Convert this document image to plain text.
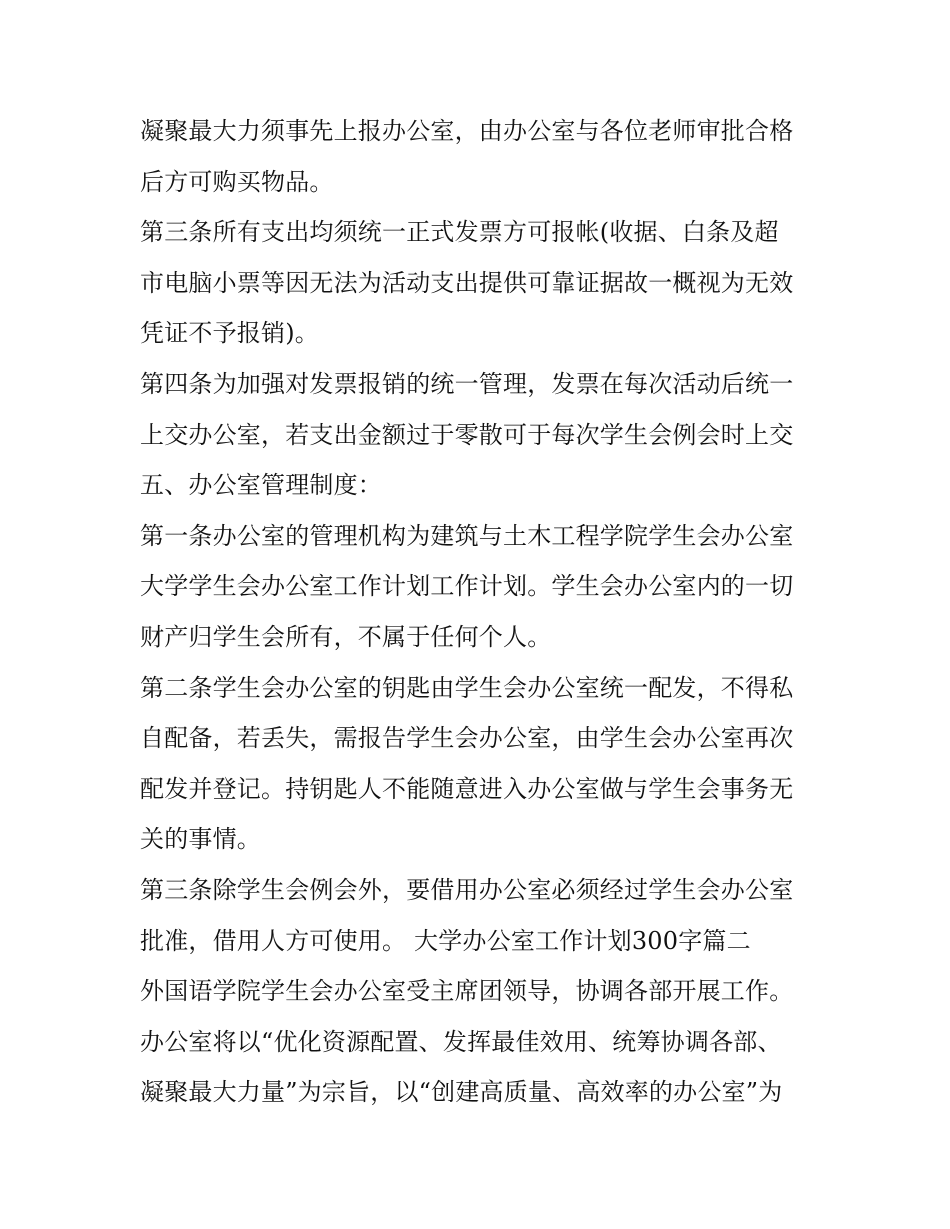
凝聚最大力须事先上报办公室，由办公室与各位老师审批合格
后方可购买物品。
第三条所有支出均须统一正式发票方可报帐(收据、白条及超
市电脑小票等因无法为活动支出提供可靠证据故一概视为无效
凭证不予报销)。
第四条为加强对发票报销的统一管理，发票在每次活动后统一
上交办公室，若支出金额过于零散可于每次学生会例会时上交
五、办公室管理制度：
第一条办公室的管理机构为建筑与土木工程学院学生会办公室
大学学生会办公室工作计划工作计划。学生会办公室内的一切
财产归学生会所有，不属于任何个人。
第二条学生会办公室的钥匙由学生会办公室统一配发，不得私
自配备，若丢失，需报告学生会办公室，由学生会办公室再次
配发并登记。持钥匙人不能随意进入办公室做与学生会事务无
关的事情。
第三条除学生会例会外，要借用办公室必须经过学生会办公室
批准，借用人方可使用。 大学办公室工作计划300字篇二
外国语学院学生会办公室受主席团领导，协调各部开展工作。
办公室将以“优化资源配置、发挥最佳效用、统筹协调各部、
凝聚最大力量”为宗旨，以“创建高质量、高效率的办公室”为
